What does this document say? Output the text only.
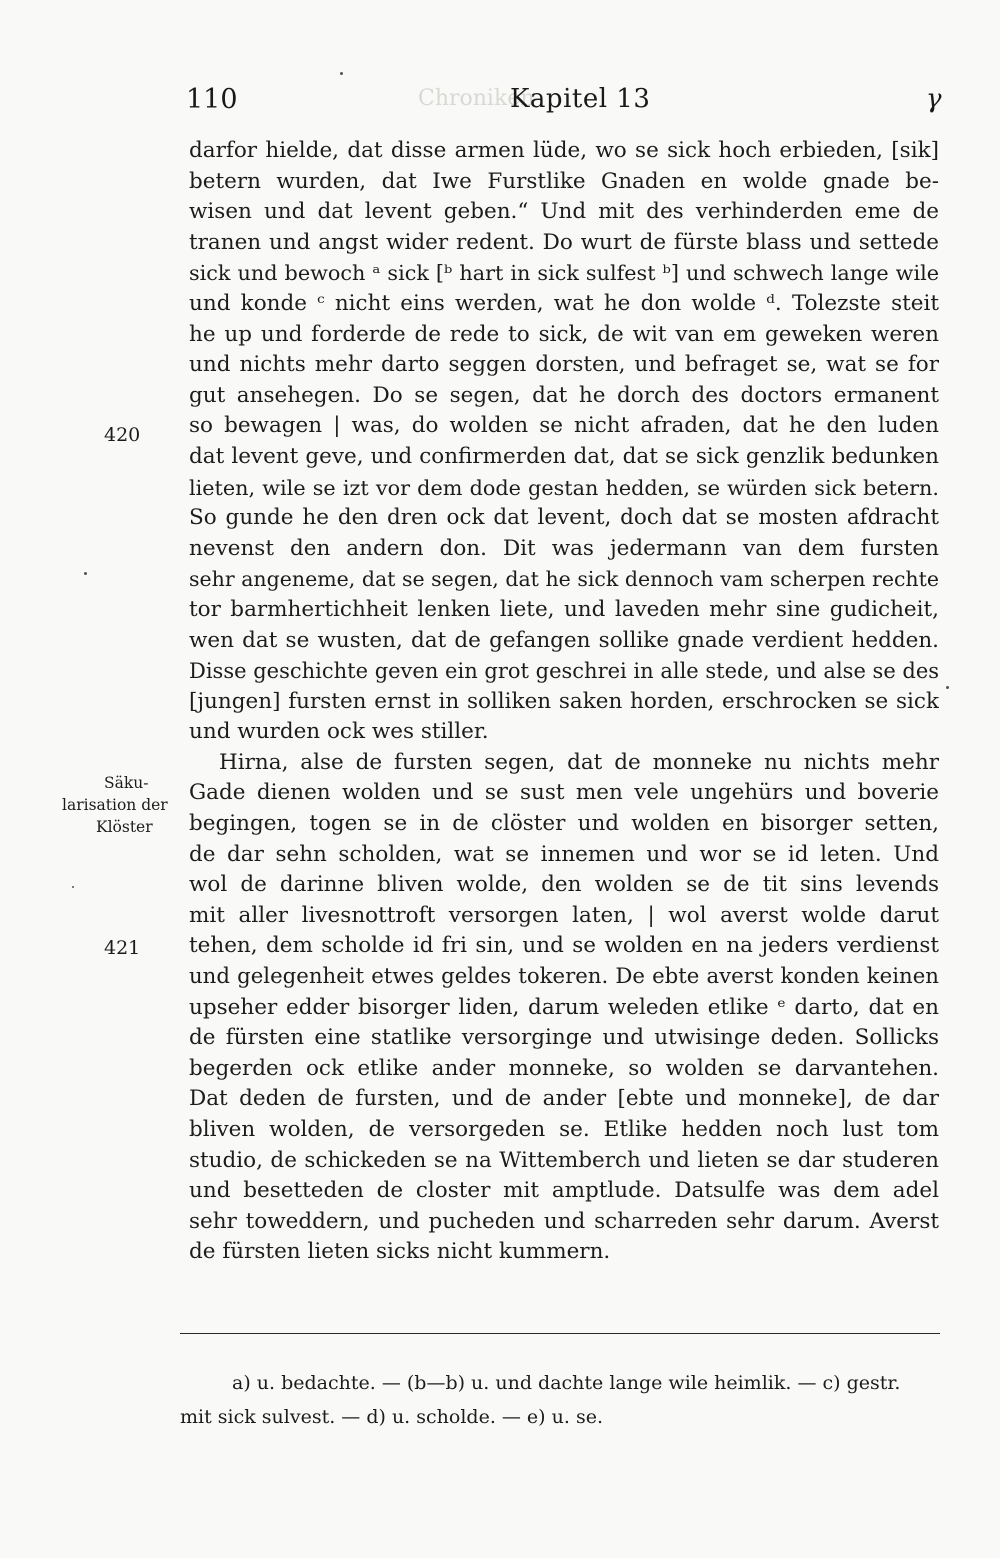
Chroniken
110	Kapitel 13	γ
420
421
Säku-
larisation der
Klöster
darfor hielde, dat disse armen lüde, wo se sick hoch erbieden, [sik]
betern wurden, dat Iwe Furstlike Gnaden en wolde gnade be-
wisen und dat levent geben.“ Und mit des verhinderden eme de
tranen und angst wider redent. Do wurt de fürste blass und settede
sick und bewoch ᵃ sick [ᵇ hart in sick sulfest ᵇ] und schwech lange wile
und konde ᶜ nicht eins werden, wat he don wolde ᵈ. Tolezste steit
he up und forderde de rede to sick, de wit van em geweken weren
und nichts mehr darto seggen dorsten, und befraget se, wat se for
gut ansehegen. Do se segen, dat he dorch des doctors ermanent
so bewagen | was, do wolden se nicht afraden, dat he den luden
dat levent geve, und confirmerden dat, dat se sick genzlik bedunken
lieten, wile se izt vor dem dode gestan hedden, se würden sick betern.
So gunde he den dren ock dat levent, doch dat se mosten afdracht
nevenst den andern don. Dit was jedermann van dem fursten
sehr angeneme, dat se segen, dat he sick dennoch vam scherpen rechte
tor barmhertichheit lenken liete, und laveden mehr sine gudicheit,
wen dat se wusten, dat de gefangen sollike gnade verdient hedden.
Disse geschichte geven ein grot geschrei in alle stede, und alse se des
[jungen] fursten ernst in solliken saken horden, erschrocken se sick
und wurden ock wes stiller.
Hirna, alse de fursten segen, dat de monneke nu nichts mehr
Gade dienen wolden und se sust men vele ungehürs und boverie
begingen, togen se in de clöster und wolden en bisorger setten,
de dar sehn scholden, wat se innemen und wor se id leten. Und
wol de darinne bliven wolde, den wolden se de tit sins levends
mit aller livesnottroft versorgen laten, | wol averst wolde darut
tehen, dem scholde id fri sin, und se wolden en na jeders verdienst
und gelegenheit etwes geldes tokeren. De ebte averst konden keinen
upseher edder bisorger liden, darum weleden etlike ᵉ darto, dat en
de fürsten eine statlike versorginge und utwisinge deden. Sollicks
begerden ock etlike ander monneke, so wolden se darvantehen.
Dat deden de fursten, und de ander [ebte und monneke], de dar
bliven wolden, de versorgeden se. Etlike hedden noch lust tom
studio, de schickeden se na Wittemberch und lieten se dar studeren
und besetteden de closter mit amptlude. Datsulfe was dem adel
sehr toweddern, und pucheden und scharreden sehr darum. Averst
de fürsten lieten sicks nicht kummern.
a) u. bedachte. — (b—b) u. und dachte lange wile heimlik. — c) gestr.
mit sick sulvest. — d) u. scholde. — e) u. se.
